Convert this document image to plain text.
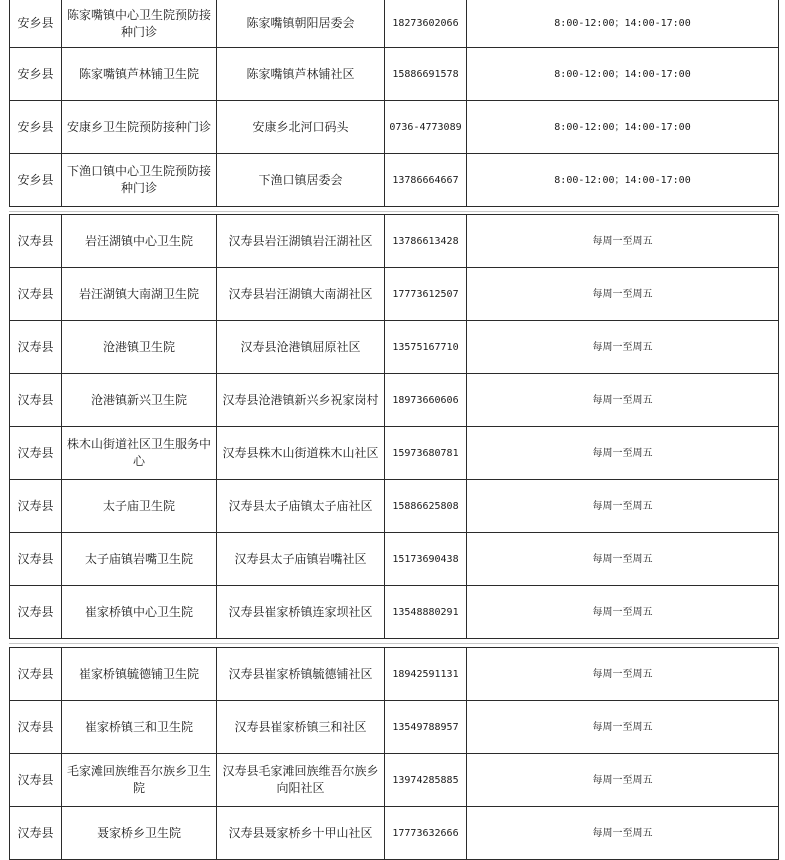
安乡县	陈家嘴镇中心卫生院预防接种门诊	陈家嘴镇朝阳居委会	18273602066	8:00-12:00；14:00-17:00
安乡县	陈家嘴镇芦林铺卫生院	陈家嘴镇芦林铺社区	15886691578	8:00-12:00；14:00-17:00
安乡县	安康乡卫生院预防接种门诊	安康乡北河口码头	0736-4773089	8:00-12:00；14:00-17:00
安乡县	下渔口镇中心卫生院预防接种门诊	下渔口镇居委会	13786664667	8:00-12:00；14:00-17:00
汉寿县	岩汪湖镇中心卫生院	汉寿县岩汪湖镇岩汪湖社区	13786613428	每周一至周五
汉寿县	岩汪湖镇大南湖卫生院	汉寿县岩汪湖镇大南湖社区	17773612507	每周一至周五
汉寿县	沧港镇卫生院	汉寿县沧港镇屈原社区	13575167710	每周一至周五
汉寿县	沧港镇新兴卫生院	汉寿县沧港镇新兴乡祝家岗村	18973660606	每周一至周五
汉寿县	株木山街道社区卫生服务中心	汉寿县株木山街道株木山社区	15973680781	每周一至周五
汉寿县	太子庙卫生院	汉寿县太子庙镇太子庙社区	15886625808	每周一至周五
汉寿县	太子庙镇岩嘴卫生院	汉寿县太子庙镇岩嘴社区	15173690438	每周一至周五
汉寿县	崔家桥镇中心卫生院	汉寿县崔家桥镇连家坝社区	13548880291	每周一至周五
汉寿县	崔家桥镇毓德铺卫生院	汉寿县崔家桥镇毓德铺社区	18942591131	每周一至周五
汉寿县	崔家桥镇三和卫生院	汉寿县崔家桥镇三和社区	13549788957	每周一至周五
汉寿县	毛家滩回族维吾尔族乡卫生院	汉寿县毛家滩回族维吾尔族乡向阳社区	13974285885	每周一至周五
汉寿县	聂家桥乡卫生院	汉寿县聂家桥乡十甲山社区	17773632666	每周一至周五
